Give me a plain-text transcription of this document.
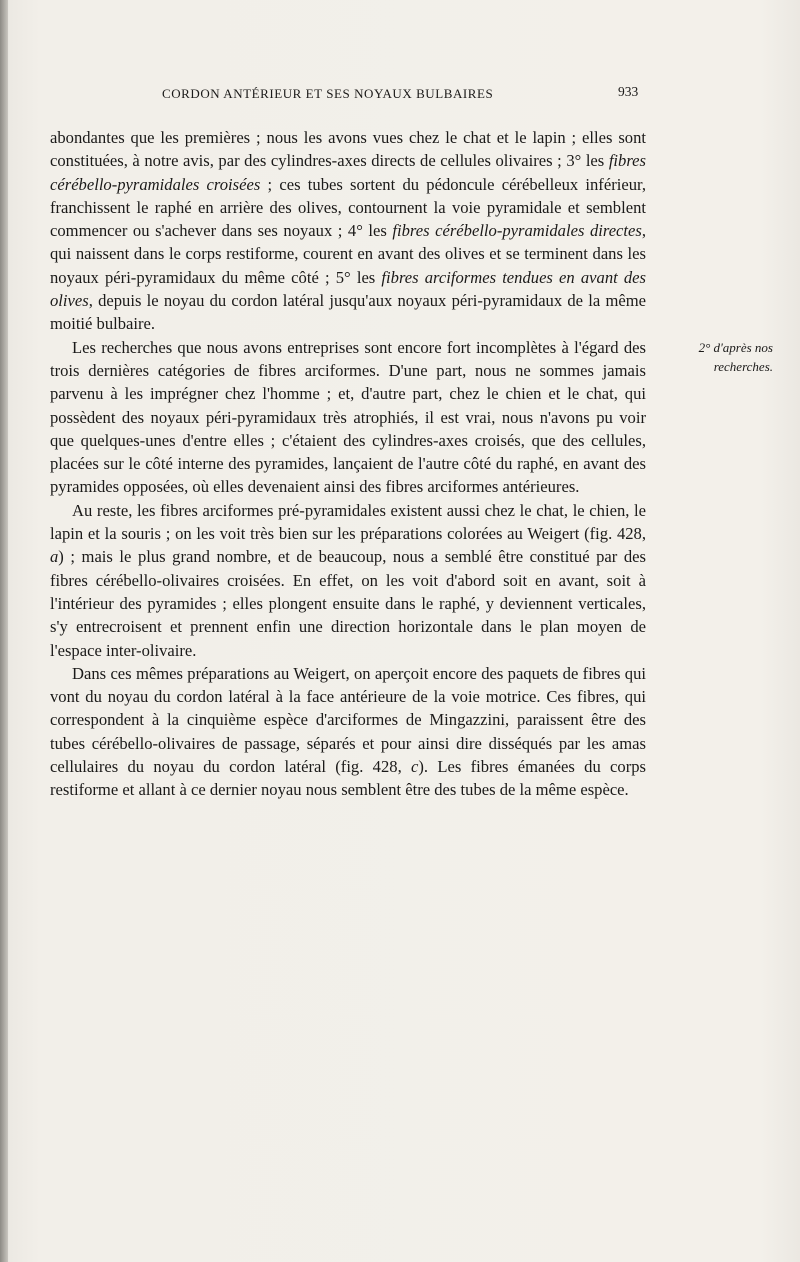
CORDON ANTÉRIEUR ET SES NOYAUX BULBAIRES	933

abondantes que les premières ; nous les avons vues chez le chat et le lapin ; elles sont constituées, à notre avis, par des cylindres-axes directs de cellules olivaires ; 3° les fibres cérébello-pyramidales croisées ; ces tubes sortent du pédoncule cérébelleux inférieur, franchissent le raphé en arrière des olives, contournent la voie pyramidale et semblent commencer ou s'achever dans ses noyaux ; 4° les fibres cérébello-pyramidales directes, qui naissent dans le corps restiforme, courent en avant des olives et se terminent dans les noyaux péri-pyramidaux du même côté ; 5° les fibres arciformes tendues en avant des olives, depuis le noyau du cordon latéral jusqu'aux noyaux péri-pyramidaux de la même moitié bulbaire.

Les recherches que nous avons entreprises sont encore fort incomplètes à l'égard des trois dernières catégories de fibres arciformes. D'une part, nous ne sommes jamais parvenu à les imprégner chez l'homme ; et, d'autre part, chez le chien et le chat, qui possèdent des noyaux péri-pyramidaux très atrophiés, il est vrai, nous n'avons pu voir que quelques-unes d'entre elles ; c'étaient des cylindres-axes croisés, que des cellules, placées sur le côté interne des pyramides, lançaient de l'autre côté du raphé, en avant des pyramides opposées, où elles devenaient ainsi des fibres arciformes antérieures.

Au reste, les fibres arciformes pré-pyramidales existent aussi chez le chat, le chien, le lapin et la souris ; on les voit très bien sur les préparations colorées au Weigert (fig. 428, a) ; mais le plus grand nombre, et de beaucoup, nous a semblé être constitué par des fibres cérébello-olivaires croisées. En effet, on les voit d'abord soit en avant, soit à l'intérieur des pyramides ; elles plongent ensuite dans le raphé, y deviennent verticales, s'y entrecroisent et prennent enfin une direction horizontale dans le plan moyen de l'espace inter-olivaire.

Dans ces mêmes préparations au Weigert, on aperçoit encore des paquets de fibres qui vont du noyau du cordon latéral à la face antérieure de la voie motrice. Ces fibres, qui correspondent à la cinquième espèce d'arciformes de Mingazzini, paraissent être des tubes cérébello-olivaires de passage, séparés et pour ainsi dire disséqués par les amas cellulaires du noyau du cordon latéral (fig. 428, c). Les fibres émanées du corps restiforme et allant à ce dernier noyau nous semblent être des tubes de la même espèce.

2° d'après nos
recherches.
